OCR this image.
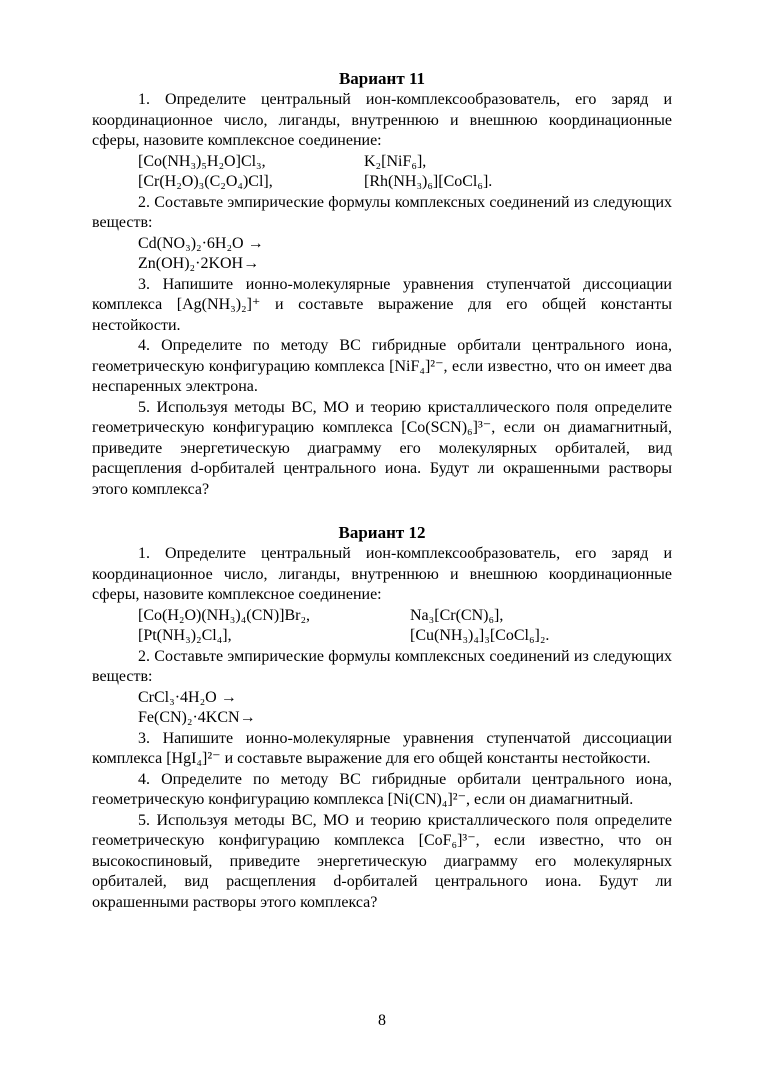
Вариант 11

1. Определите центральный ион-комплексообразователь, его заряд и координационное число, лиганды, внутреннюю и внешнюю координационные сферы, назовите комплексное соединение:

[Co(NH₃)₅H₂O]Cl₃,	K₂[NiF₆],
[Cr(H₂O)₃(C₂O₄)Cl],	[Rh(NH₃)₆][CoCl₆].

2. Составьте эмпирические формулы комплексных соединений из следующих веществ:

Cd(NO₃)₂·6H₂O →
Zn(OH)₂·2KOH→

3. Напишите ионно-молекулярные уравнения ступенчатой диссоциации комплекса [Ag(NH₃)₂]⁺ и составьте выражение для его общей константы нестойкости.

4. Определите по методу ВС гибридные орбитали центрального иона, геометрическую конфигурацию комплекса [NiF₄]²⁻, если известно, что он имеет два неспаренных электрона.

5. Используя методы ВС, МО и теорию кристаллического поля определите геометрическую конфигурацию комплекса [Co(SCN)₆]³⁻, если он диамагнитный, приведите энергетическую диаграмму его молекулярных орбиталей, вид расщепления d-орбиталей центрального иона. Будут ли окрашенными растворы этого комплекса?

Вариант 12

1. Определите центральный ион-комплексообразователь, его заряд и координационное число, лиганды, внутреннюю и внешнюю координационные сферы, назовите комплексное соединение:

[Co(H₂O)(NH₃)₄(CN)]Br₂,	Na₃[Cr(CN)₆],
[Pt(NH₃)₂Cl₄],	[Cu(NH₃)₄]₃[CoCl₆]₂.

2. Составьте эмпирические формулы комплексных соединений из следующих веществ:

CrCl₃·4H₂O →
Fe(CN)₂·4KCN→

3. Напишите ионно-молекулярные уравнения ступенчатой диссоциации комплекса [HgI₄]²⁻ и составьте выражение для его общей константы нестойкости.

4. Определите по методу ВС гибридные орбитали центрального иона, геометрическую конфигурацию комплекса [Ni(CN)₄]²⁻, если он диамагнитный.

5. Используя методы ВС, МО и теорию кристаллического поля определите геометрическую конфигурацию комплекса [CoF₆]³⁻, если известно, что он высокоспиновый, приведите энергетическую диаграмму его молекулярных орбиталей, вид расщепления d-орбиталей центрального иона. Будут ли окрашенными растворы этого комплекса?

8
